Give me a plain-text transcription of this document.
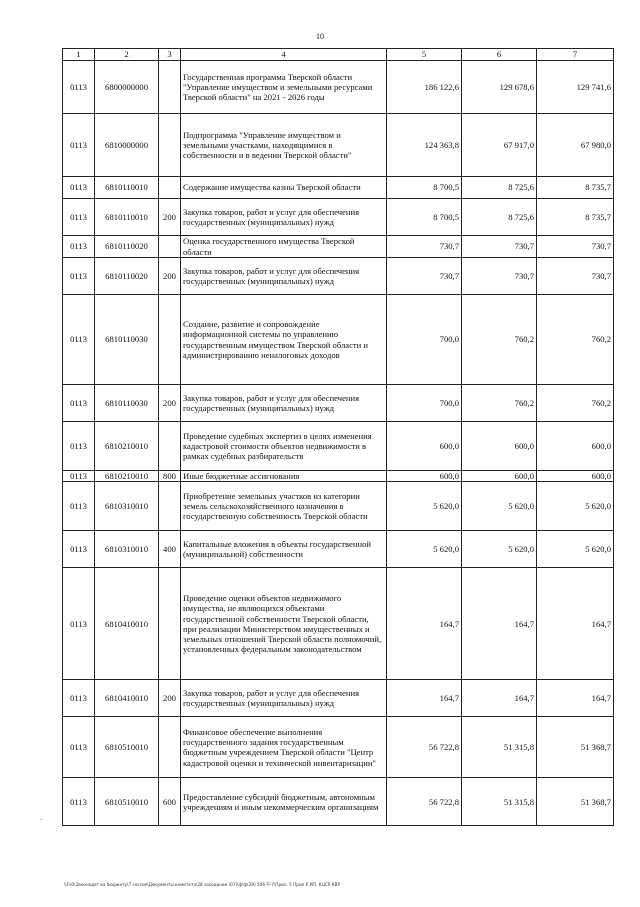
10
1	2	3	4	5	6	7
0113	6800000000		Государственная программа Тверской области "Управление имуществом и земельными ресурсами Тверской области" на 2021 - 2026 годы	186 122,6	129 678,6	129 741,6
0113	6810000000		Подпрограмма "Управление имуществом и земельными участками, находящимися в собственности и в ведении Тверской области"	124 363,8	67 917,0	67 980,0
0113	6810110010		Содержание имущества казны Тверской области	8 700,5	8 725,6	8 735,7
0113	6810110010	200	Закупка товаров, работ и услуг для обеспечения государственных (муниципальных) нужд	8 700,5	8 725,6	8 735,7
0113	6810110020		Оценка государственного имущества Тверской области	730,7	730,7	730,7
0113	6810110020	200	Закупка товаров, работ и услуг для обеспечения государственных (муниципальных) нужд	730,7	730,7	730,7
0113	6810110030		Создание, развитие и сопровождение информационной системы по управлению государственным имуществом Тверской области и администрированию неналоговых доходов	700,0	760,2	760,2
0113	6810110030	200	Закупка товаров, работ и услуг для обеспечения государственных (муниципальных) нужд	700,0	760,2	760,2
0113	6810210010		Проведение судебных экспертиз в целях изменения кадастровой стоимости объектов недвижимости в рамках судебных разбирательств	600,0	600,0	600,0
0113	6810210010	800	Иные бюджетные ассигнования	600,0	600,0	600,0
0113	6810310010		Приобретение земельных участков из категории земель сельскохозяйственного назначения в государственную собственность Тверской области	5 620,0	5 620,0	5 620,0
0113	6810310010	400	Капитальные вложения в объекты государственной (муниципальной) собственности	5 620,0	5 620,0	5 620,0
0113	6810410010		Проведение оценки объектов недвижимого имущества, не являющихся объектами государственной собственности Тверской области, при реализации Министерством имущественных и земельных отношений Тверской области полномочий, установленных федеральным законодательством	164,7	164,7	164,7
0113	6810410010	200	Закупка товаров, работ и услуг для обеспечения государственных (муниципальных) нужд	164,7	164,7	164,7
0113	6810510010		Финансовое обеспечение выполнения государственного задания государственным бюджетным учреждением Тверской области "Центр кадастровой оценки и технической инвентаризации"	56 722,8	51 315,8	51 368,7
0113	6810510010	600	Предоставление субсидий бюджетным, автономным учреждениям и иным некоммерческим организациям	56 722,8	51 315,8	51 368,7
-
\\Fs0\Законодат ка бюджету\7 сессия\Документы комитета\28 заседание (07)\ф\ф(28) 506-П-7\Прил. 5 Прил 6 ИП, КЦСР,КВР
